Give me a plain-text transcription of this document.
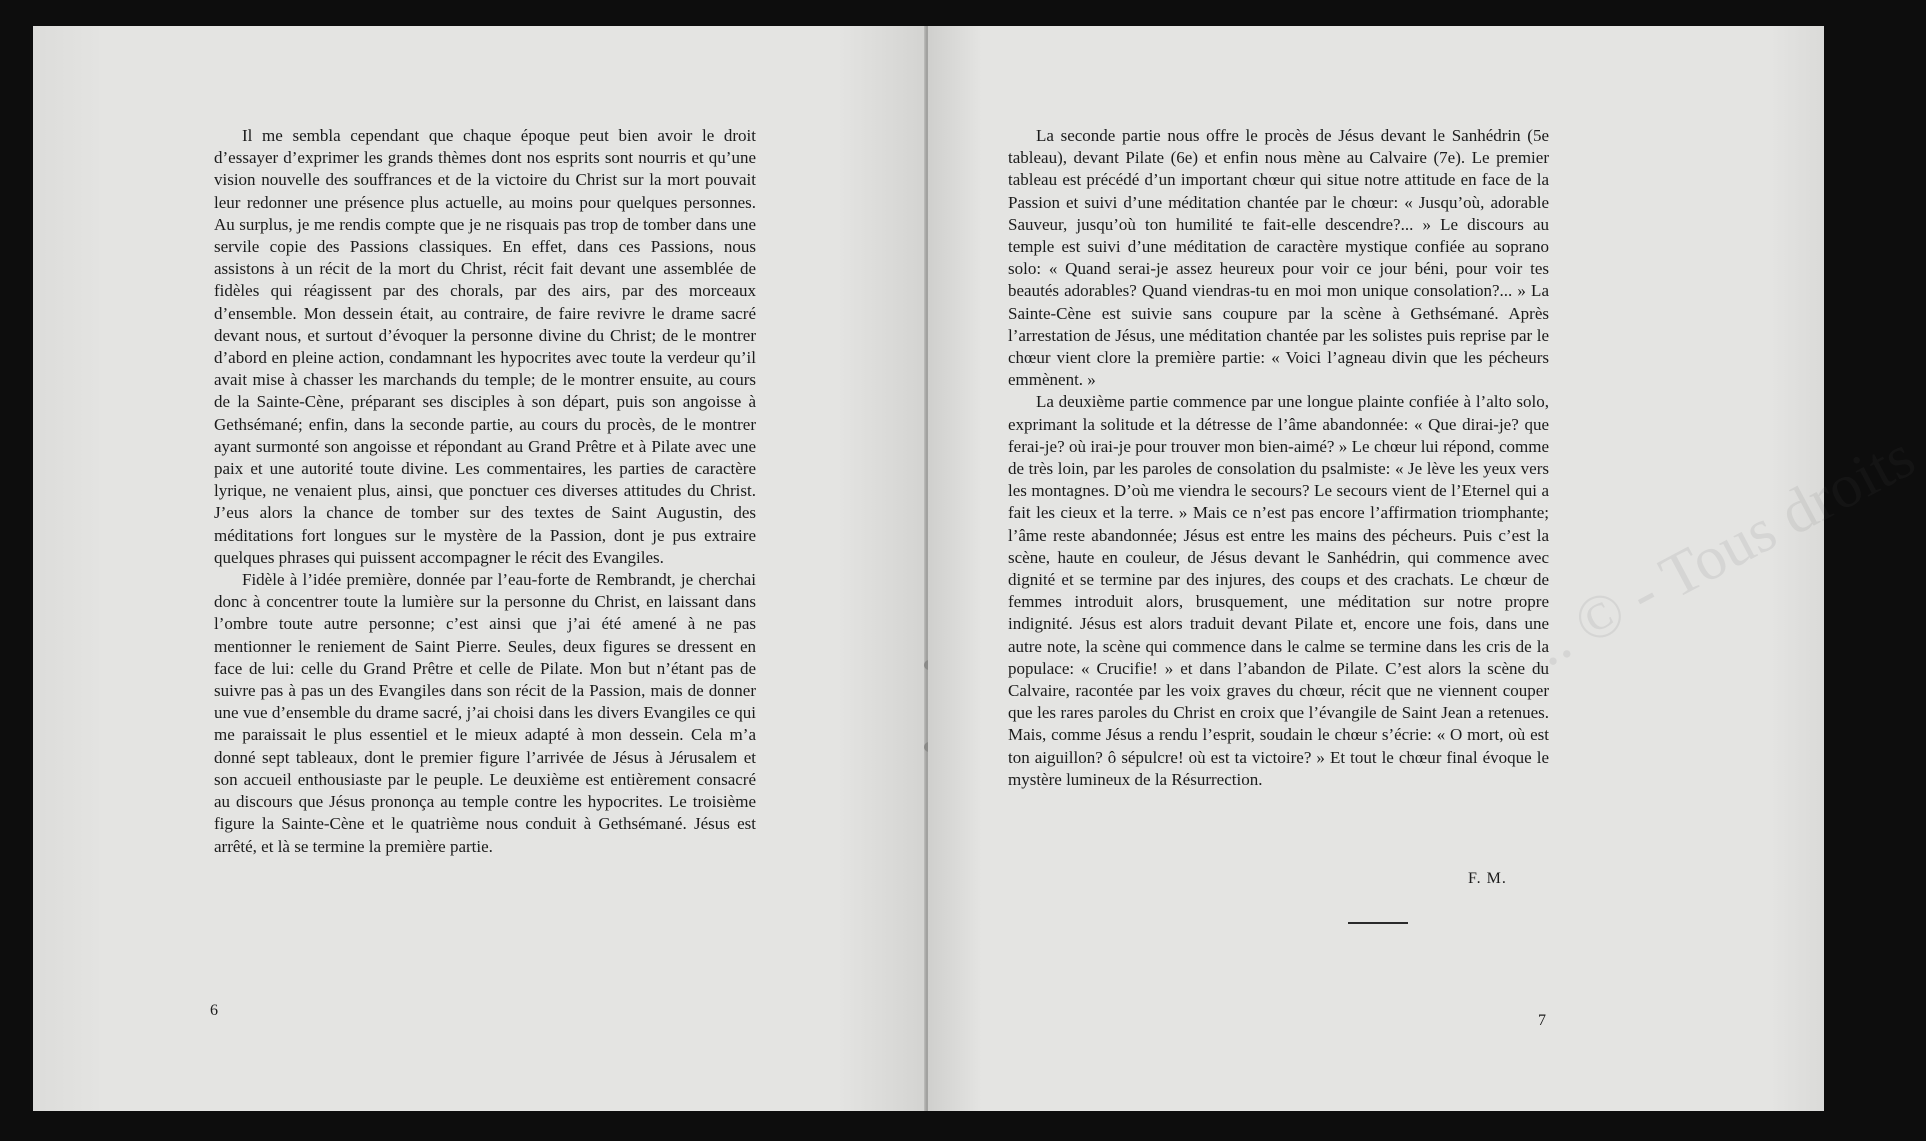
Il me sembla cependant que chaque époque peut bien avoir le droit d’essayer d’exprimer les grands thèmes dont nos esprits sont nourris et qu’une vision nouvelle des souffrances et de la victoire du Christ sur la mort pouvait leur redonner une présence plus actuelle, au moins pour quelques personnes. Au surplus, je me rendis compte que je ne risquais pas trop de tomber dans une servile copie des Passions classiques. En effet, dans ces Passions, nous assistons à un récit de la mort du Christ, récit fait devant une assemblée de fidèles qui réagissent par des chorals, par des airs, par des morceaux d’ensemble. Mon dessein était, au contraire, de faire revivre le drame sacré devant nous, et surtout d’évoquer la personne divine du Christ; de le montrer d’abord en pleine action, condamnant les hypocrites avec toute la verdeur qu’il avait mise à chasser les marchands du temple; de le montrer ensuite, au cours de la Sainte-Cène, préparant ses disciples à son départ, puis son angoisse à Gethsémané; enfin, dans la seconde partie, au cours du procès, de le montrer ayant surmonté son angoisse et répondant au Grand Prêtre et à Pilate avec une paix et une autorité toute divine. Les commentaires, les parties de caractère lyrique, ne venaient plus, ainsi, que ponctuer ces diverses attitudes du Christ. J’eus alors la chance de tomber sur des textes de Saint Augustin, des méditations fort longues sur le mystère de la Passion, dont je pus extraire quelques phrases qui puissent accompagner le récit des Evangiles.

Fidèle à l’idée première, donnée par l’eau-forte de Rembrandt, je cherchai donc à concentrer toute la lumière sur la personne du Christ, en laissant dans l’ombre toute autre personne; c’est ainsi que j’ai été amené à ne pas mentionner le reniement de Saint Pierre. Seules, deux figures se dressent en face de lui: celle du Grand Prêtre et celle de Pilate. Mon but n’étant pas de suivre pas à pas un des Evangiles dans son récit de la Passion, mais de donner une vue d’ensemble du drame sacré, j’ai choisi dans les divers Evangiles ce qui me paraissait le plus essentiel et le mieux adapté à mon dessein. Cela m’a donné sept tableaux, dont le premier figure l’arrivée de Jésus à Jérusalem et son accueil enthousiaste par le peuple. Le deuxième est entièrement consacré au discours que Jésus prononça au temple contre les hypocrites. Le troisième figure la Sainte-Cène et le quatrième nous conduit à Gethsémané. Jésus est arrêté, et là se termine la première partie.

6

La seconde partie nous offre le procès de Jésus devant le Sanhédrin (5e tableau), devant Pilate (6e) et enfin nous mène au Calvaire (7e). Le premier tableau est précédé d’un important chœur qui situe notre attitude en face de la Passion et suivi d’une méditation chantée par le chœur: « Jusqu’où, adorable Sauveur, jusqu’où ton humilité te fait-elle descendre?... » Le discours au temple est suivi d’une méditation de caractère mystique confiée au soprano solo: « Quand serai-je assez heureux pour voir ce jour béni, pour voir tes beautés adorables? Quand viendras-tu en moi mon unique consolation?... » La Sainte-Cène est suivie sans coupure par la scène à Gethsémané. Après l’arrestation de Jésus, une méditation chantée par les solistes puis reprise par le chœur vient clore la première partie: « Voici l’agneau divin que les pécheurs emmènent. »

La deuxième partie commence par une longue plainte confiée à l’alto solo, exprimant la solitude et la détresse de l’âme abandonnée: « Que dirai-je? que ferai-je? où irai-je pour trouver mon bien-aimé? » Le chœur lui répond, comme de très loin, par les paroles de consolation du psalmiste: « Je lève les yeux vers les montagnes. D’où me viendra le secours? Le secours vient de l’Eternel qui a fait les cieux et la terre. » Mais ce n’est pas encore l’affirmation triomphante; l’âme reste abandonnée; Jésus est entre les mains des pécheurs. Puis c’est la scène, haute en couleur, de Jésus devant le Sanhédrin, qui commence avec dignité et se termine par des injures, des coups et des crachats. Le chœur de femmes introduit alors, brusquement, une méditation sur notre propre indignité. Jésus est alors traduit devant Pilate et, encore une fois, dans une autre note, la scène qui commence dans le calme se termine dans les cris de la populace: « Crucifie! » et dans l’abandon de Pilate. C’est alors la scène du Calvaire, racontée par les voix graves du chœur, récit que ne viennent couper que les rares paroles du Christ en croix que l’évangile de Saint Jean a retenues. Mais, comme Jésus a rendu l’esprit, soudain le chœur s’écrie: « O mort, où est ton aiguillon? ô sépulcre! où est ta victoire? » Et tout le chœur final évoque le mystère lumineux de la Résurrection.

F. M.
7
... © - Tous droits
